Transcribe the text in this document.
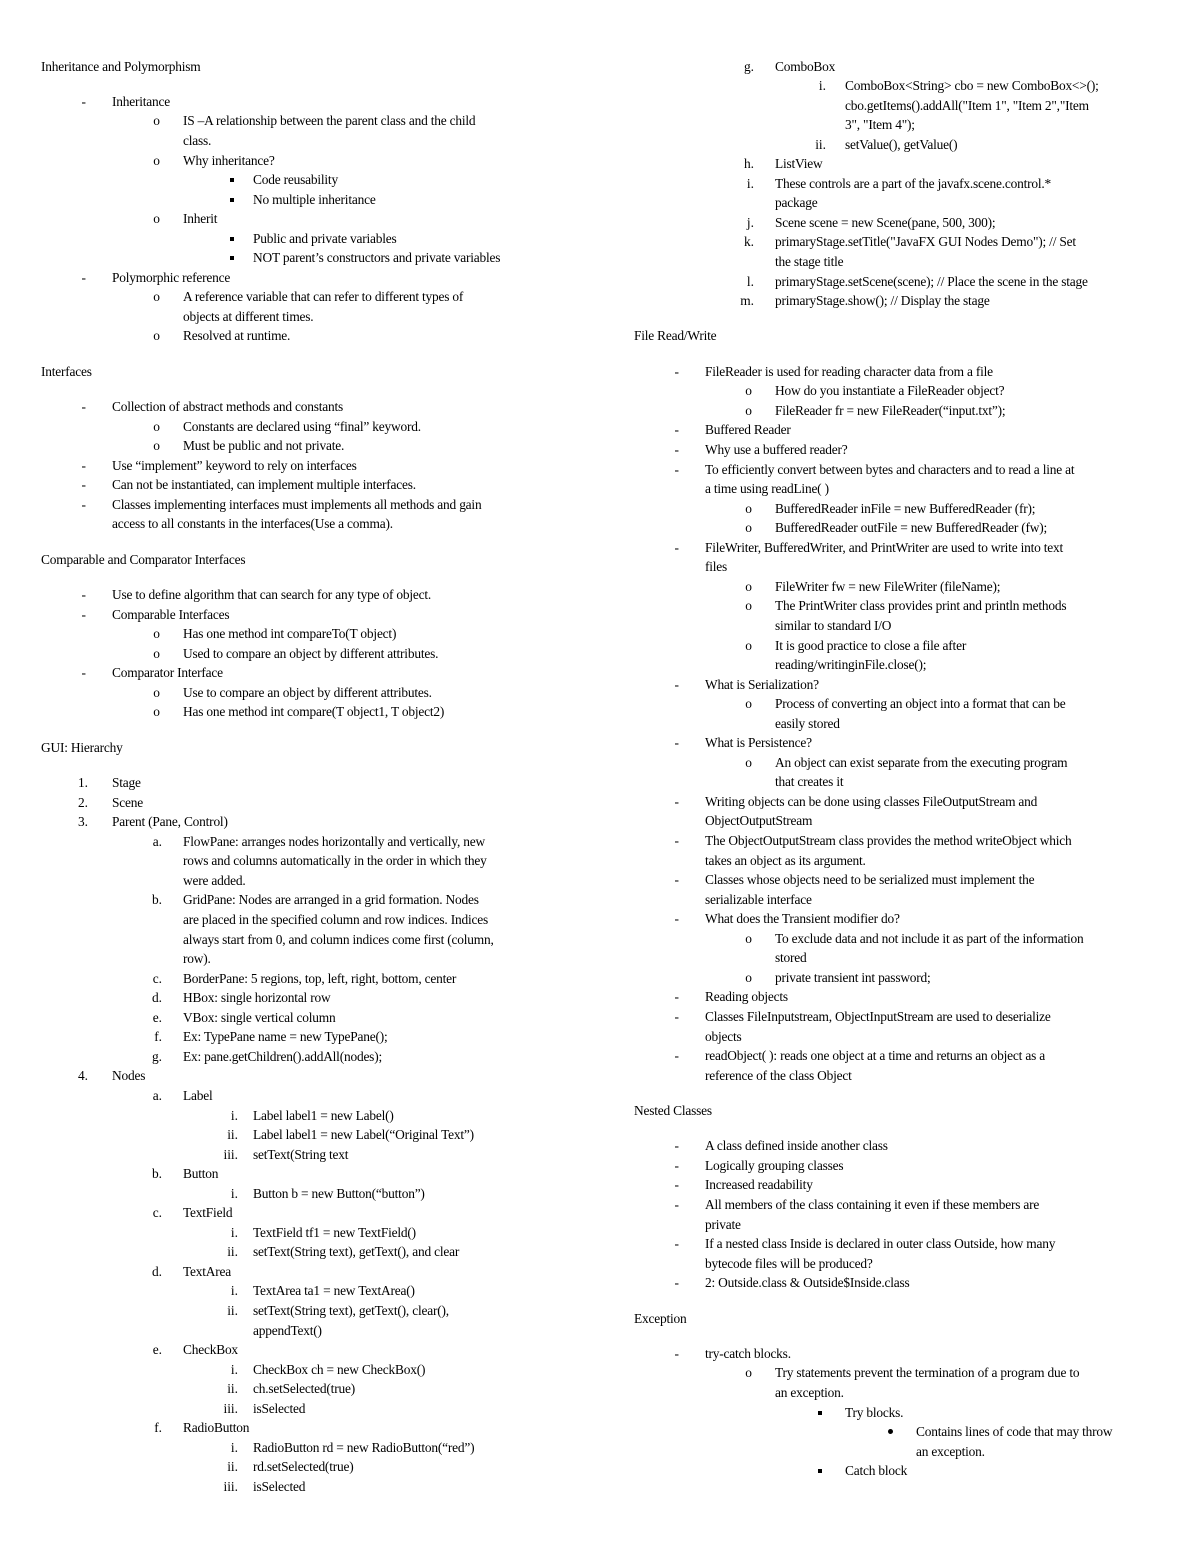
Inheritance and Polymorphism
- Inheritance
o IS –A relationship between the parent class and the child
class.
o Why inheritance?
Code reusability
No multiple inheritance
o Inherit
Public and private variables
NOT parent’s constructors and private variables
- Polymorphic reference
o A reference variable that can refer to different types of
objects at different times.
o Resolved at runtime.
Interfaces
- Collection of abstract methods and constants
o Constants are declared using “final” keyword.
o Must be public and not private.
- Use “implement” keyword to rely on interfaces
- Can not be instantiated, can implement multiple interfaces.
- Classes implementing interfaces must implements all methods and gain
access to all constants in the interfaces(Use a comma).
Comparable and Comparator Interfaces
- Use to define algorithm that can search for any type of object.
- Comparable Interfaces
o Has one method int compareTo(T object)
o Used to compare an object by different attributes.
- Comparator Interface
o Use to compare an object by different attributes.
o Has one method int compare(T object1, T object2)
GUI: Hierarchy
1. Stage
2. Scene
3. Parent (Pane, Control)
a. FlowPane: arranges nodes horizontally and vertically, new
rows and columns automatically in the order in which they
were added.
b. GridPane: Nodes are arranged in a grid formation. Nodes
are placed in the specified column and row indices. Indices
always start from 0, and column indices come first (column,
row).
c. BorderPane: 5 regions, top, left, right, bottom, center
d. HBox: single horizontal row
e. VBox: single vertical column
f. Ex: TypePane name = new TypePane();
g. Ex: pane.getChildren().addAll(nodes);
4. Nodes
a. Label
i. Label label1 = new Label()
ii. Label label1 = new Label(“Original Text”)
iii. setText(String text
b. Button
i. Button b = new Button(“button”)
c. TextField
i. TextField tf1 = new TextField()
ii. setText(String text), getText(), and clear
d. TextArea
i. TextArea ta1 = new TextArea()
ii. setText(String text), getText(), clear(),
appendText()
e. CheckBox
i. CheckBox ch = new CheckBox()
ii. ch.setSelected(true)
iii. isSelected
f. RadioButton
i. RadioButton rd = new RadioButton(“red”)
ii. rd.setSelected(true)
iii. isSelected
g. ComboBox
i. ComboBox<String> cbo = new ComboBox<>();
cbo.getItems().addAll("Item 1", "Item 2","Item
3", "Item 4");
ii. setValue(), getValue()
h. ListView
i. These controls are a part of the javafx.scene.control.*
package
j. Scene scene = new Scene(pane, 500, 300);
k. primaryStage.setTitle("JavaFX GUI Nodes Demo"); // Set
the stage title
l. primaryStage.setScene(scene); // Place the scene in the stage
m. primaryStage.show(); // Display the stage
File Read/Write
- FileReader is used for reading character data from a file
o How do you instantiate a FileReader object?
o FileReader fr = new FileReader(“input.txt”);
- Buffered Reader
- Why use a buffered reader?
- To efficiently convert between bytes and characters and to read a line at
a time using readLine( )
o BufferedReader inFile = new BufferedReader (fr);
o BufferedReader outFile = new BufferedReader (fw);
- FileWriter, BufferedWriter, and PrintWriter are used to write into text
files
o FileWriter fw = new FileWriter (fileName);
o The PrintWriter class provides print and println methods
similar to standard I/O
o It is good practice to close a file after
reading/writinginFile.close();
- What is Serialization?
o Process of converting an object into a format that can be
easily stored
- What is Persistence?
o An object can exist separate from the executing program
that creates it
- Writing objects can be done using classes FileOutputStream and
ObjectOutputStream
- The ObjectOutputStream class provides the method writeObject which
takes an object as its argument.
- Classes whose objects need to be serialized must implement the
serializable interface
- What does the Transient modifier do?
o To exclude data and not include it as part of the information
stored
o private transient int password;
- Reading objects
- Classes FileInputstream, ObjectInputStream are used to deserialize
objects
- readObject( ): reads one object at a time and returns an object as a
reference of the class Object
Nested Classes
- A class defined inside another class
- Logically grouping classes
- Increased readability
- All members of the class containing it even if these members are
private
- If a nested class Inside is declared in outer class Outside, how many
bytecode files will be produced?
- 2: Outside.class & Outside$Inside.class
Exception
- try-catch blocks.
o Try statements prevent the termination of a program due to
an exception.
Try blocks.
Contains lines of code that may throw
an exception.
Catch block
